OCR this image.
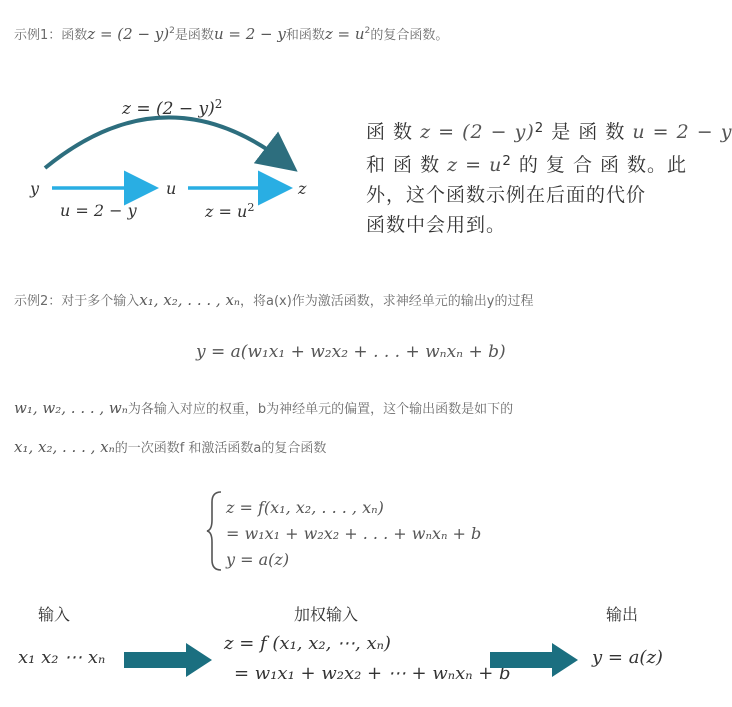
示例1：函数$z = (2 - y)^2$是函数u = 2 − y和函数$z = u^2$的复合函数。
$z = (2 - y)^2$
y	u	z
u = 2 − y	$z = u^2$
函 数 $z = (2 - y)^2$ 是 函 数 u = 2 − y
和 函 数 $z = u^2$ 的 复 合 函 数。此
外，这个函数示例在后面的代价
函数中会用到。
示例2：对于多个输入x₁, x₂, . . . , xₙ，将a(x)作为激活函数，求神经单元的输出y的过程
y = a(w₁x₁ + w₂x₂ + . . . + wₙxₙ + b)
w₁, w₂, . . . , wₙ为各输入对应的权重，b为神经单元的偏置，这个输出函数是如下的
x₁, x₂, . . . , xₙ的一次函数f 和激活函数a的复合函数
z = f(x₁, x₂, . . . , xₙ)
= w₁x₁ + w₂x₂ + . . . + wₙxₙ + b
y = a(z)
输入	加权输入	输出
x₁ x₂ ⋯ xₙ
z = f (x₁, x₂, ⋯, xₙ)
= w₁x₁ + w₂x₂ + ⋯ + wₙxₙ + b
y = a(z)
